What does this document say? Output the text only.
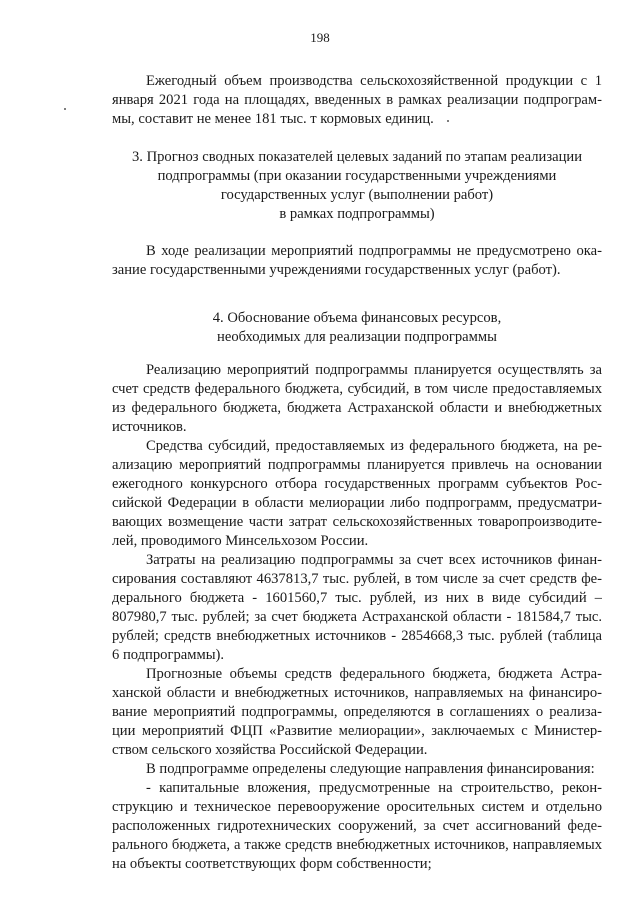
198
Ежегодный объем производства сельскохозяйственной продукции с 1
января 2021 года на площадях, введенных в рамках реализации подпрограм-
мы, составит не менее 181 тыс. т кормовых единиц.
3. Прогноз сводных показателей целевых заданий по этапам реализации
подпрограммы (при оказании государственными учреждениями
государственных услуг (выполнении работ)
в рамках подпрограммы)
В ходе реализации мероприятий подпрограммы не предусмотрено ока-
зание государственными учреждениями государственных услуг (работ).
4. Обоснование объема финансовых ресурсов,
необходимых для реализации подпрограммы
Реализацию мероприятий подпрограммы планируется осуществлять за
счет средств федерального бюджета, субсидий, в том числе предоставляемых
из федерального бюджета, бюджета Астраханской области и внебюджетных
источников.
Средства субсидий, предоставляемых из федерального бюджета, на ре-
ализацию мероприятий подпрограммы планируется привлечь на основании
ежегодного конкурсного отбора государственных программ субъектов Рос-
сийской Федерации в области мелиорации либо подпрограмм, предусматри-
вающих возмещение части затрат сельскохозяйственных товаропроизводите-
лей, проводимого Минсельхозом России.
Затраты на реализацию подпрограммы за счет всех источников финан-
сирования составляют 4637813,7 тыс. рублей, в том числе за счет средств фе-
дерального бюджета - 1601560,7 тыс. рублей, из них в виде субсидий –
807980,7 тыс. рублей; за счет бюджета Астраханской области - 181584,7 тыс.
рублей; средств внебюджетных источников - 2854668,3 тыс. рублей (таблица
6 подпрограммы).
Прогнозные объемы средств федерального бюджета, бюджета Астра-
ханской области и внебюджетных источников, направляемых на финансиро-
вание мероприятий подпрограммы, определяются в соглашениях о реализа-
ции мероприятий ФЦП «Развитие мелиорации», заключаемых с Министер-
ством сельского хозяйства Российской Федерации.
В подпрограмме определены следующие направления финансирования:
- капитальные вложения, предусмотренные на строительство, рекон-
струкцию и техническое перевооружение оросительных систем и отдельно
расположенных гидротехнических сооружений, за счет ассигнований феде-
рального бюджета, а также средств внебюджетных источников, направляемых
на объекты соответствующих форм собственности;
